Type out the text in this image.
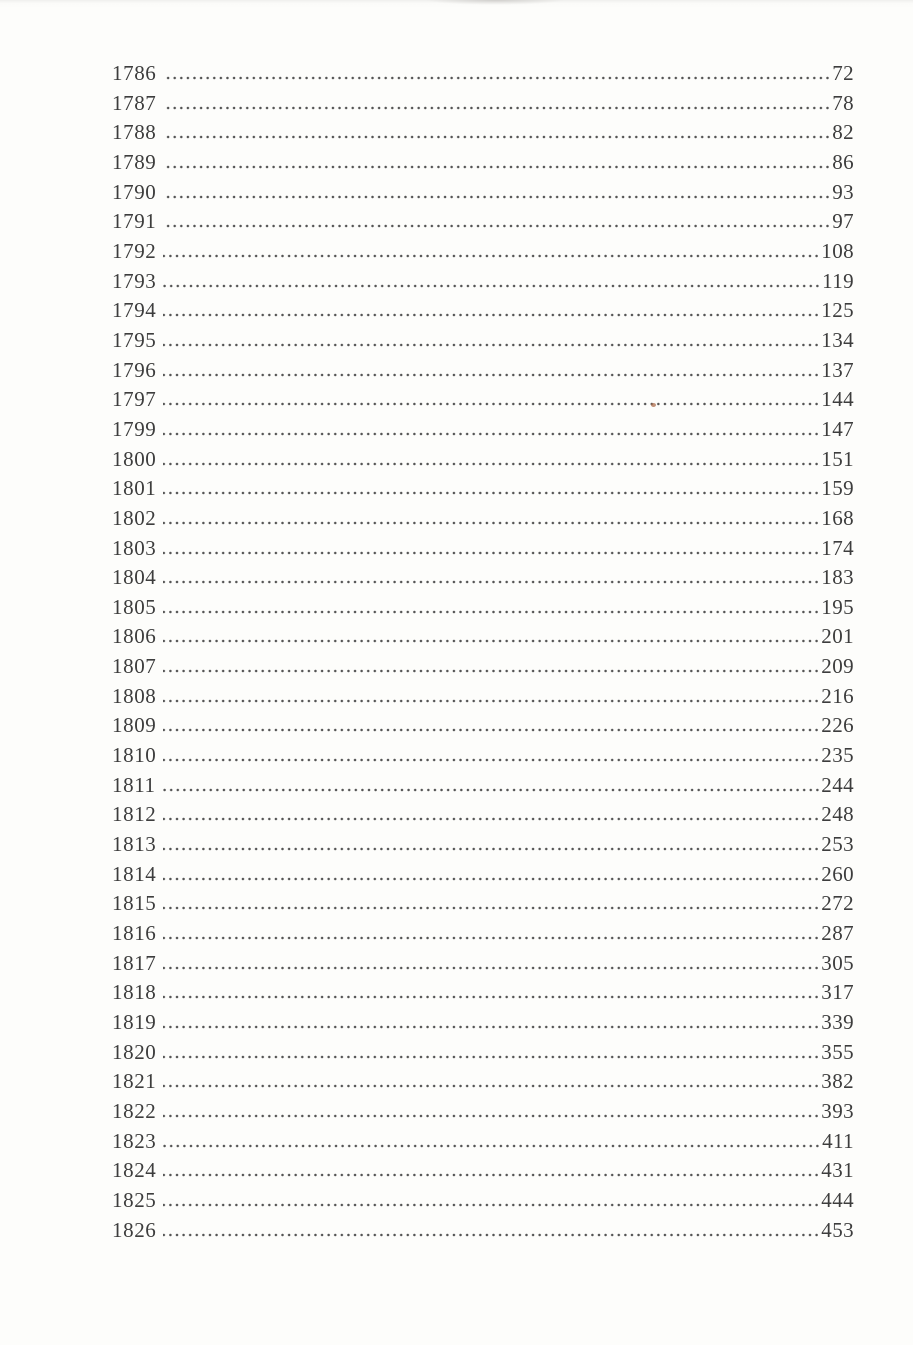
1786	72
1787	78
1788	82
1789	86
1790	93
1791	97
1792	108
1793	119
1794	125
1795	134
1796	137
1797	144
1799	147
1800	151
1801	159
1802	168
1803	174
1804	183
1805	195
1806	201
1807	209
1808	216
1809	226
1810	235
1811	244
1812	248
1813	253
1814	260
1815	272
1816	287
1817	305
1818	317
1819	339
1820	355
1821	382
1822	393
1823	411
1824	431
1825	444
1826	453
